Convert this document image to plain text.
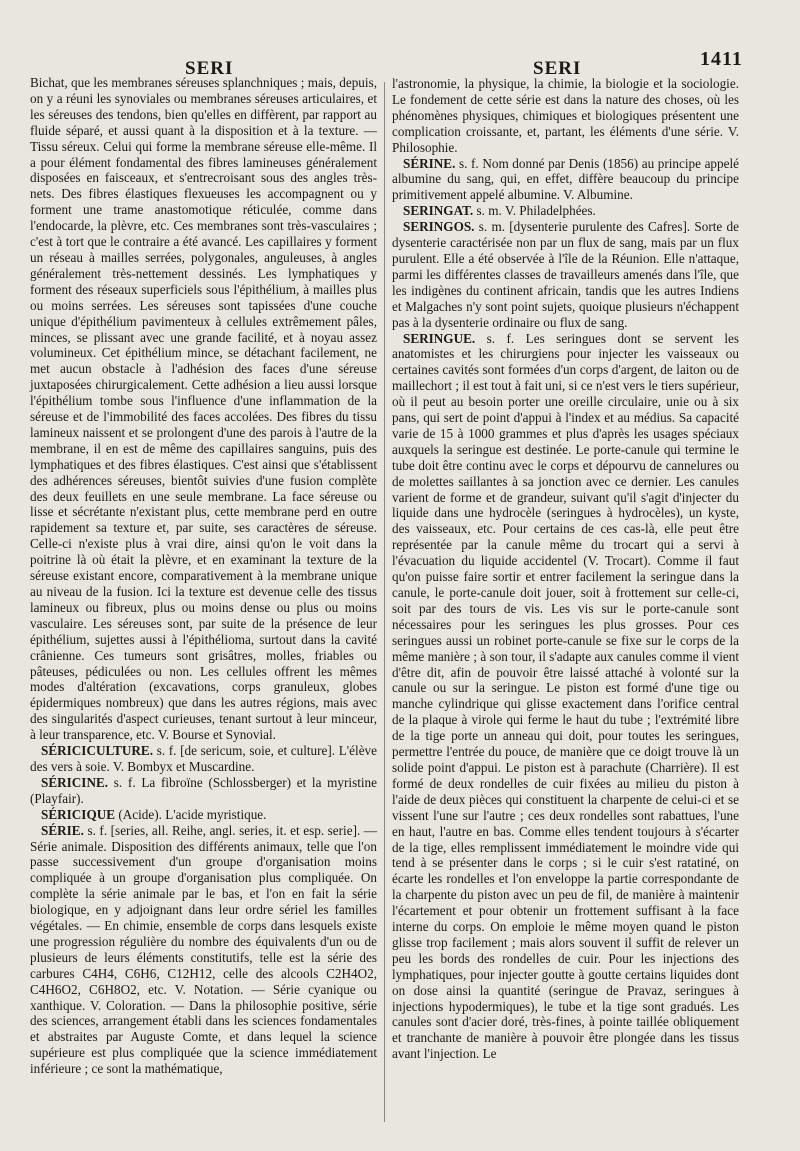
SERI	SERI	1411

Bichat, que les membranes séreuses splanchniques ; mais, depuis, on y a réuni les synoviales ou membranes séreuses articulaires, et les séreuses des tendons, bien qu'elles en diffèrent, par rapport au fluide séparé, et aussi quant à la disposition et à la texture. — Tissu séreux. Celui qui forme la membrane séreuse elle-même. Il a pour élément fondamental des fibres lamineuses généralement disposées en faisceaux, et s'entrecroisant sous des angles très-nets. Des fibres élastiques flexueuses les accompagnent ou y forment une trame anastomotique réticulée, comme dans l'endocarde, la plèvre, etc. Ces membranes sont très-vasculaires ; c'est à tort que le contraire a été avancé. Les capillaires y forment un réseau à mailles serrées, polygonales, anguleuses, à angles généralement très-nettement dessinés. Les lymphatiques y forment des réseaux superficiels sous l'épithélium, à mailles plus ou moins serrées. Les séreuses sont tapissées d'une couche unique d'épithélium pavimenteux à cellules extrêmement pâles, minces, se plissant avec une grande facilité, et à noyau assez volumineux. Cet épithélium mince, se détachant facilement, ne met aucun obstacle à l'adhésion des faces d'une séreuse juxtaposées chirurgicalement. Cette adhésion a lieu aussi lorsque l'épithélium tombe sous l'influence d'une inflammation de la séreuse et de l'immobilité des faces accolées. Des fibres du tissu lamineux naissent et se prolongent d'une des parois à l'autre de la membrane, il en est de même des capillaires sanguins, puis des lymphatiques et des fibres élastiques. C'est ainsi que s'établissent des adhérences séreuses, bientôt suivies d'une fusion complète des deux feuillets en une seule membrane. La face séreuse ou lisse et sécrétante n'existant plus, cette membrane perd en outre rapidement sa texture et, par suite, ses caractères de séreuse. Celle-ci n'existe plus à vrai dire, ainsi qu'on le voit dans la poitrine là où était la plèvre, et en examinant la texture de la séreuse existant encore, comparativement à la membrane unique au niveau de la fusion. Ici la texture est devenue celle des tissus lamineux ou fibreux, plus ou moins dense ou plus ou moins vasculaire. Les séreuses sont, par suite de la présence de leur épithélium, sujettes aussi à l'épithélioma, surtout dans la cavité crânienne. Ces tumeurs sont grisâtres, molles, friables ou pâteuses, pédiculées ou non. Les cellules offrent les mêmes modes d'altération (excavations, corps granuleux, globes épidermiques nombreux) que dans les autres régions, mais avec des singularités d'aspect curieuses, tenant surtout à leur minceur, à leur transparence, etc. V. Bourse et Synovial.

SÉRICICULTURE. s. f. [de sericum, soie, et culture]. L'élève des vers à soie. V. Bombyx et Muscardine.

SÉRICINE. s. f. La fibroïne (Schlossberger) et la myristine (Playfair).

SÉRICIQUE (Acide). L'acide myristique.

SÉRIE. s. f. [series, all. Reihe, angl. series, it. et esp. serie]. — Série animale. Disposition des différents animaux, telle que l'on passe successivement d'un groupe d'organisation moins compliquée à un groupe d'organisation plus compliquée. On complète la série animale par le bas, et l'on en fait la série biologique, en y adjoignant dans leur ordre sériel les familles végétales. — En chimie, ensemble de corps dans lesquels existe une progression régulière du nombre des équivalents d'un ou de plusieurs de leurs éléments constitutifs, telle est la série des carbures C4H4, C6H6, C12H12, celle des alcools C2H4O2, C4H6O2, C6H8O2, etc. V. Notation. — Série cyanique ou xanthique. V. Coloration. — Dans la philosophie positive, série des sciences, arrangement établi dans les sciences fondamentales et abstraites par Auguste Comte, et dans lequel la science supérieure est plus compliquée que la science immédiatement inférieure ; ce sont la mathématique,

l'astronomie, la physique, la chimie, la biologie et la sociologie. Le fondement de cette série est dans la nature des choses, où les phénomènes physiques, chimiques et biologiques présentent une complication croissante, et, partant, les éléments d'une série. V. Philosophie.

SÉRINE. s. f. Nom donné par Denis (1856) au principe appelé albumine du sang, qui, en effet, diffère beaucoup du principe primitivement appelé albumine. V. Albumine.

SERINGAT. s. m. V. Philadelphées.

SERINGOS. s. m. [dysenterie purulente des Cafres]. Sorte de dysenterie caractérisée non par un flux de sang, mais par un flux purulent. Elle a été observée à l'île de la Réunion. Elle n'attaque, parmi les différentes classes de travailleurs amenés dans l'île, que les indigènes du continent africain, tandis que les autres Indiens et Malgaches n'y sont point sujets, quoique plusieurs n'échappent pas à la dysenterie ordinaire ou flux de sang.

SERINGUE. s. f. Les seringues dont se servent les anatomistes et les chirurgiens pour injecter les vaisseaux ou certaines cavités sont formées d'un corps d'argent, de laiton ou de maillechort ; il est tout à fait uni, si ce n'est vers le tiers supérieur, où il peut au besoin porter une oreille circulaire, unie ou à six pans, qui sert de point d'appui à l'index et au médius. Sa capacité varie de 15 à 1000 grammes et plus d'après les usages spéciaux auxquels la seringue est destinée. Le porte-canule qui termine le tube doit être continu avec le corps et dépourvu de cannelures ou de molettes saillantes à sa jonction avec ce dernier. Les canules varient de forme et de grandeur, suivant qu'il s'agit d'injecter du liquide dans une hydrocèle (seringues à hydrocèles), un kyste, des vaisseaux, etc. Pour certains de ces cas-là, elle peut être représentée par la canule même du trocart qui a servi à l'évacuation du liquide accidentel (V. Trocart). Comme il faut qu'on puisse faire sortir et entrer facilement la seringue dans la canule, le porte-canule doit jouer, soit à frottement sur celle-ci, soit par des tours de vis. Les vis sur le porte-canule sont nécessaires pour les seringues les plus grosses. Pour ces seringues aussi un robinet porte-canule se fixe sur le corps de la même manière ; à son tour, il s'adapte aux canules comme il vient d'être dit, afin de pouvoir être laissé attaché à volonté sur la canule ou sur la seringue. Le piston est formé d'une tige ou manche cylindrique qui glisse exactement dans l'orifice central de la plaque à virole qui ferme le haut du tube ; l'extrémité libre de la tige porte un anneau qui doit, pour toutes les seringues, permettre l'entrée du pouce, de manière que ce doigt trouve là un solide point d'appui. Le piston est à parachute (Charrière). Il est formé de deux rondelles de cuir fixées au milieu du piston à l'aide de deux pièces qui constituent la charpente de celui-ci et se vissent l'une sur l'autre ; ces deux rondelles sont rabattues, l'une en haut, l'autre en bas. Comme elles tendent toujours à s'écarter de la tige, elles remplissent immédiatement le moindre vide qui tend à se présenter dans le corps ; si le cuir s'est ratatiné, on écarte les rondelles et l'on enveloppe la partie correspondante de la charpente du piston avec un peu de fil, de manière à maintenir l'écartement et pour obtenir un frottement suffisant à la face interne du corps. On emploie le même moyen quand le piston glisse trop facilement ; mais alors souvent il suffit de relever un peu les bords des rondelles de cuir. Pour les injections des lymphatiques, pour injecter goutte à goutte certains liquides dont on dose ainsi la quantité (seringue de Pravaz, seringues à injections hypodermiques), le tube et la tige sont gradués. Les canules sont d'acier doré, très-fines, à pointe taillée obliquement et tranchante de manière à pouvoir être plongée dans les tissus avant l'injection. Le
